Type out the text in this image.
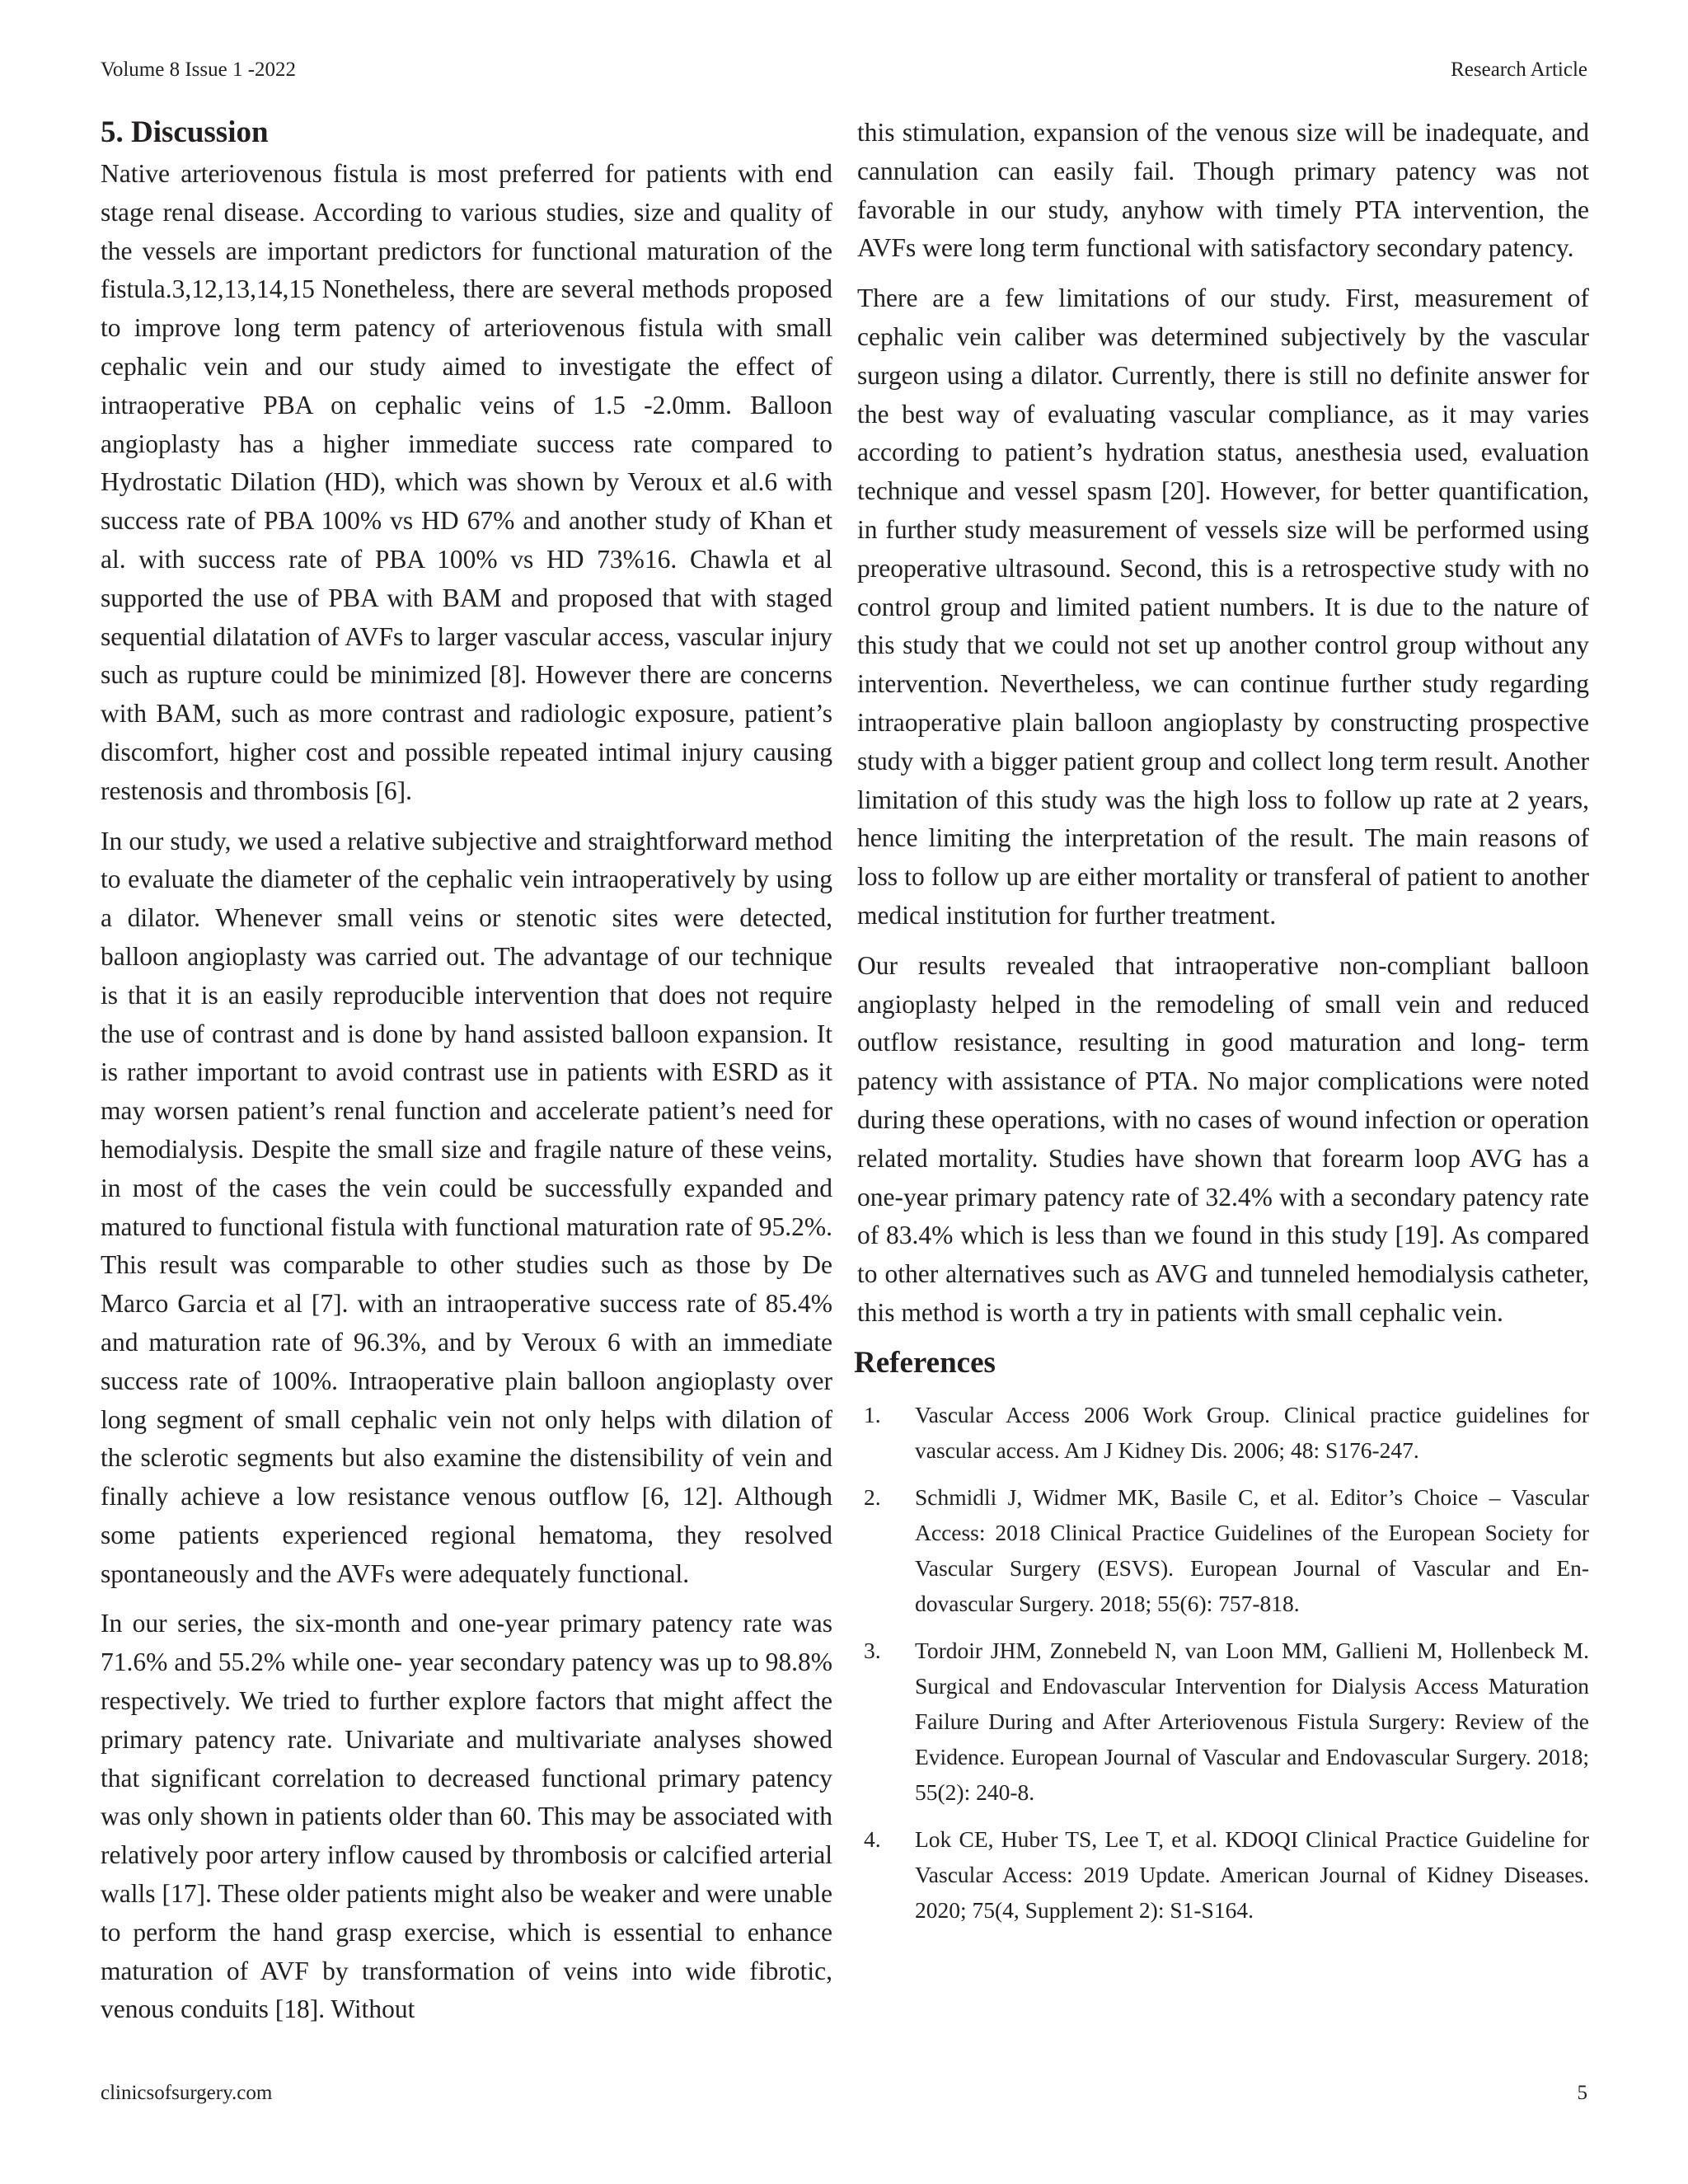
Volume 8 Issue 1 -2022	Research Article
5. Discussion

Native arteriovenous fistula is most preferred for patients with end stage renal disease. According to various studies, size and quality of the vessels are important predictors for functional maturation of the fistula.3,12,13,14,15 Nonetheless, there are several methods proposed to improve long term patency of arteriovenous fistula with small cephalic vein and our study aimed to investigate the effect of intraoperative PBA on cephalic veins of 1.5 -2.0mm. Balloon angioplasty has a higher immediate success rate compared to Hydrostatic Dilation (HD), which was shown by Veroux et al.6 with success rate of PBA 100% vs HD 67% and another study of Khan et al. with success rate of PBA 100% vs HD 73%16. Chawla et al supported the use of PBA with BAM and proposed that with staged sequential dilatation of AVFs to larger vascular access, vascular injury such as rupture could be minimized [8]. However there are concerns with BAM, such as more contrast and radiologic exposure, patient’s discomfort, higher cost and possible repeated intimal injury causing restenosis and thrombosis [6].

In our study, we used a relative subjective and straightforward method to evaluate the diameter of the cephalic vein intraoperatively by using a dilator. Whenever small veins or stenotic sites were detected, balloon angioplasty was carried out. The advantage of our technique is that it is an easily reproducible intervention that does not require the use of contrast and is done by hand assisted balloon expansion. It is rather important to avoid contrast use in patients with ESRD as it may worsen patient’s renal function and accelerate patient’s need for hemodialysis. Despite the small size and fragile nature of these veins, in most of the cases the vein could be successfully expanded and matured to functional fistula with functional maturation rate of 95.2%. This result was comparable to other studies such as those by De Marco Garcia et al [7]. with an intraoperative success rate of 85.4% and maturation rate of 96.3%, and by Veroux 6 with an immediate success rate of 100%. Intraoperative plain balloon angioplasty over long segment of small cephalic vein not only helps with dilation of the sclerotic segments but also examine the distensibility of vein and finally achieve a low resistance venous outflow [6, 12]. Although some patients experienced regional hematoma, they resolved spontaneously and the AVFs were adequately functional.

In our series, the six-month and one-year primary patency rate was 71.6% and 55.2% while one- year secondary patency was up to 98.8% respectively. We tried to further explore factors that might affect the primary patency rate. Univariate and multivariate analyses showed that significant correlation to decreased functional primary patency was only shown in patients older than 60. This may be associated with relatively poor artery inflow caused by thrombosis or calcified arterial walls [17]. These older patients might also be weaker and were unable to perform the hand grasp exercise, which is essential to enhance maturation of AVF by transformation of veins into wide fibrotic, venous conduits [18]. Without

this stimulation, expansion of the venous size will be inadequate, and cannulation can easily fail. Though primary patency was not favorable in our study, anyhow with timely PTA intervention, the AVFs were long term functional with satisfactory secondary patency.

There are a few limitations of our study. First, measurement of cephalic vein caliber was determined subjectively by the vascular surgeon using a dilator. Currently, there is still no definite answer for the best way of evaluating vascular compliance, as it may varies according to patient’s hydration status, anesthesia used, evaluation technique and vessel spasm [20]. However, for better quantification, in further study measurement of vessels size will be performed using preoperative ultrasound. Second, this is a retrospective study with no control group and limited patient numbers. It is due to the nature of this study that we could not set up another control group without any intervention. Nevertheless, we can continue further study regarding intraoperative plain balloon angioplasty by constructing prospective study with a bigger patient group and collect long term result. Another limitation of this study was the high loss to follow up rate at 2 years, hence limiting the interpretation of the result. The main reasons of loss to follow up are either mortality or transferal of patient to another medical institution for further treatment.

Our results revealed that intraoperative non-compliant balloon angioplasty helped in the remodeling of small vein and reduced outflow resistance, resulting in good maturation and long- term patency with assistance of PTA. No major complications were noted during these operations, with no cases of wound infection or operation related mortality. Studies have shown that forearm loop AVG has a one-year primary patency rate of 32.4% with a secondary patency rate of 83.4% which is less than we found in this study [19]. As compared to other alternatives such as AVG and tunneled hemodialysis catheter, this method is worth a try in patients with small cephalic vein.

References
1. Vascular Access 2006 Work Group. Clinical practice guidelines for vascular access. Am J Kidney Dis. 2006; 48: S176-247.
2. Schmidli J, Widmer MK, Basile C, et al. Editor’s Choice – Vascular Access: 2018 Clinical Practice Guidelines of the European Society for Vascular Surgery (ESVS). European Journal of Vascular and Endovascular Surgery. 2018; 55(6): 757-818.
3. Tordoir JHM, Zonnebeld N, van Loon MM, Gallieni M, Hollenbeck M. Surgical and Endovascular Intervention for Dialysis Access Maturation Failure During and After Arteriovenous Fistula Surgery: Review of the Evidence. European Journal of Vascular and Endovascular Surgery. 2018; 55(2): 240-8.
4. Lok CE, Huber TS, Lee T, et al. KDOQI Clinical Practice Guideline for Vascular Access: 2019 Update. American Journal of Kidney Diseases. 2020; 75(4, Supplement 2): S1-S164.
clinicsofsurgery.com	5
